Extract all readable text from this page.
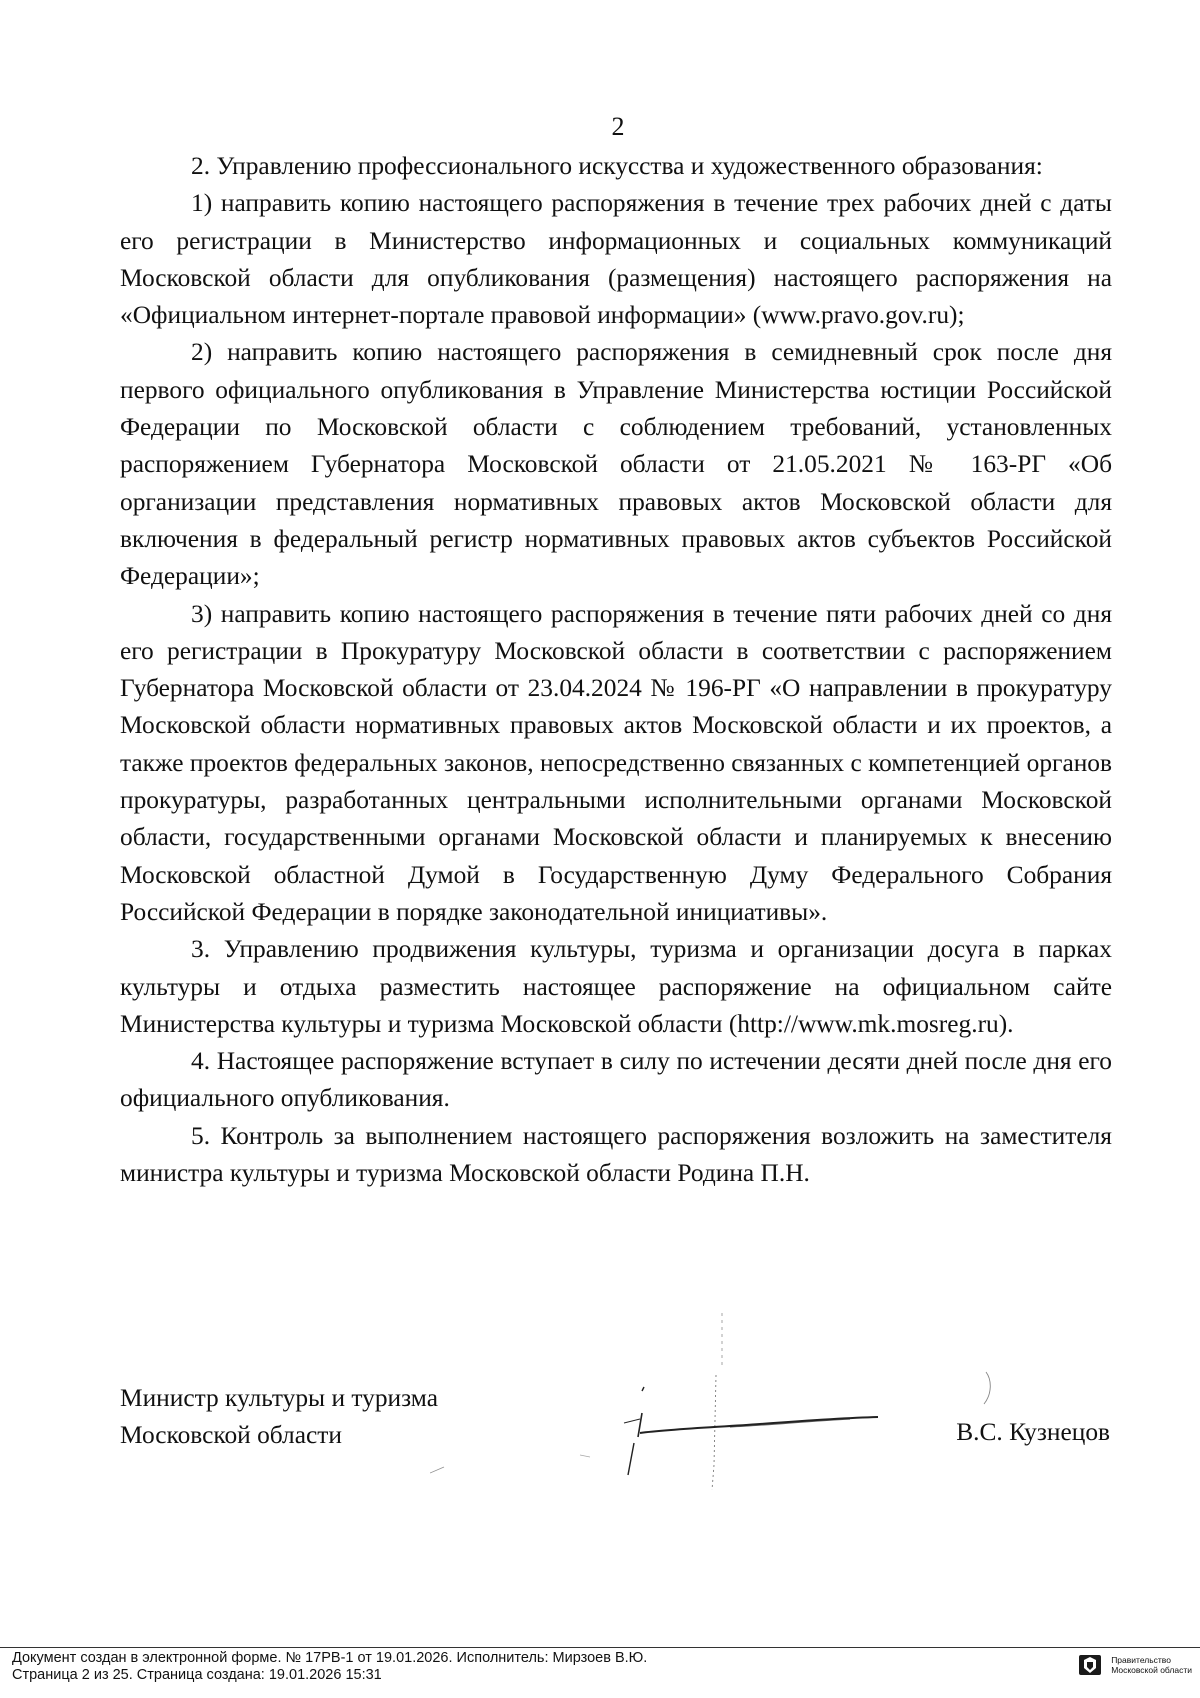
2

2. Управлению профессионального искусства и художественного образования:

1) направить копию настоящего распоряжения в течение трех рабочих дней с даты его регистрации в Министерство информационных и социальных коммуникаций Московской области для опубликования (размещения) настоящего распоряжения на «Официальном интернет-портале правовой информации» (www.pravo.gov.ru);

2) направить копию настоящего распоряжения в семидневный срок после дня первого официального опубликования в Управление Министерства юстиции Российской Федерации по Московской области с соблюдением требований, установленных распоряжением Губернатора Московской области от 21.05.2021 № 163-РГ «Об организации представления нормативных правовых актов Московской области для включения в федеральный регистр нормативных правовых актов субъектов Российской Федерации»;

3) направить копию настоящего распоряжения в течение пяти рабочих дней со дня его регистрации в Прокуратуру Московской области в соответствии с распоряжением Губернатора Московской области от 23.04.2024 № 196-РГ «О направлении в прокуратуру Московской области нормативных правовых актов Московской области и их проектов, а также проектов федеральных законов, непосредственно связанных с компетенцией органов прокуратуры, разработанных центральными исполнительными органами Московской области, государственными органами Московской области и планируемых к внесению Московской областной Думой в Государственную Думу Федерального Собрания Российской Федерации в порядке законодательной инициативы».

3. Управлению продвижения культуры, туризма и организации досуга в парках культуры и отдыха разместить настоящее распоряжение на официальном сайте Министерства культуры и туризма Московской области (http://www.mk.mosreg.ru).

4. Настоящее распоряжение вступает в силу по истечении десяти дней после дня его официального опубликования.

5. Контроль за выполнением настоящего распоряжения возложить на заместителя министра культуры и туризма Московской области Родина П.Н.

Министр культуры и туризма
Московской области	В.С. Кузнецов
Документ создан в электронной форме. № 17РВ-1 от 19.01.2026. Исполнитель: Мирзоев В.Ю.
Страница 2 из 25. Страница создана: 19.01.2026 15:31
Правительство
Московской области
